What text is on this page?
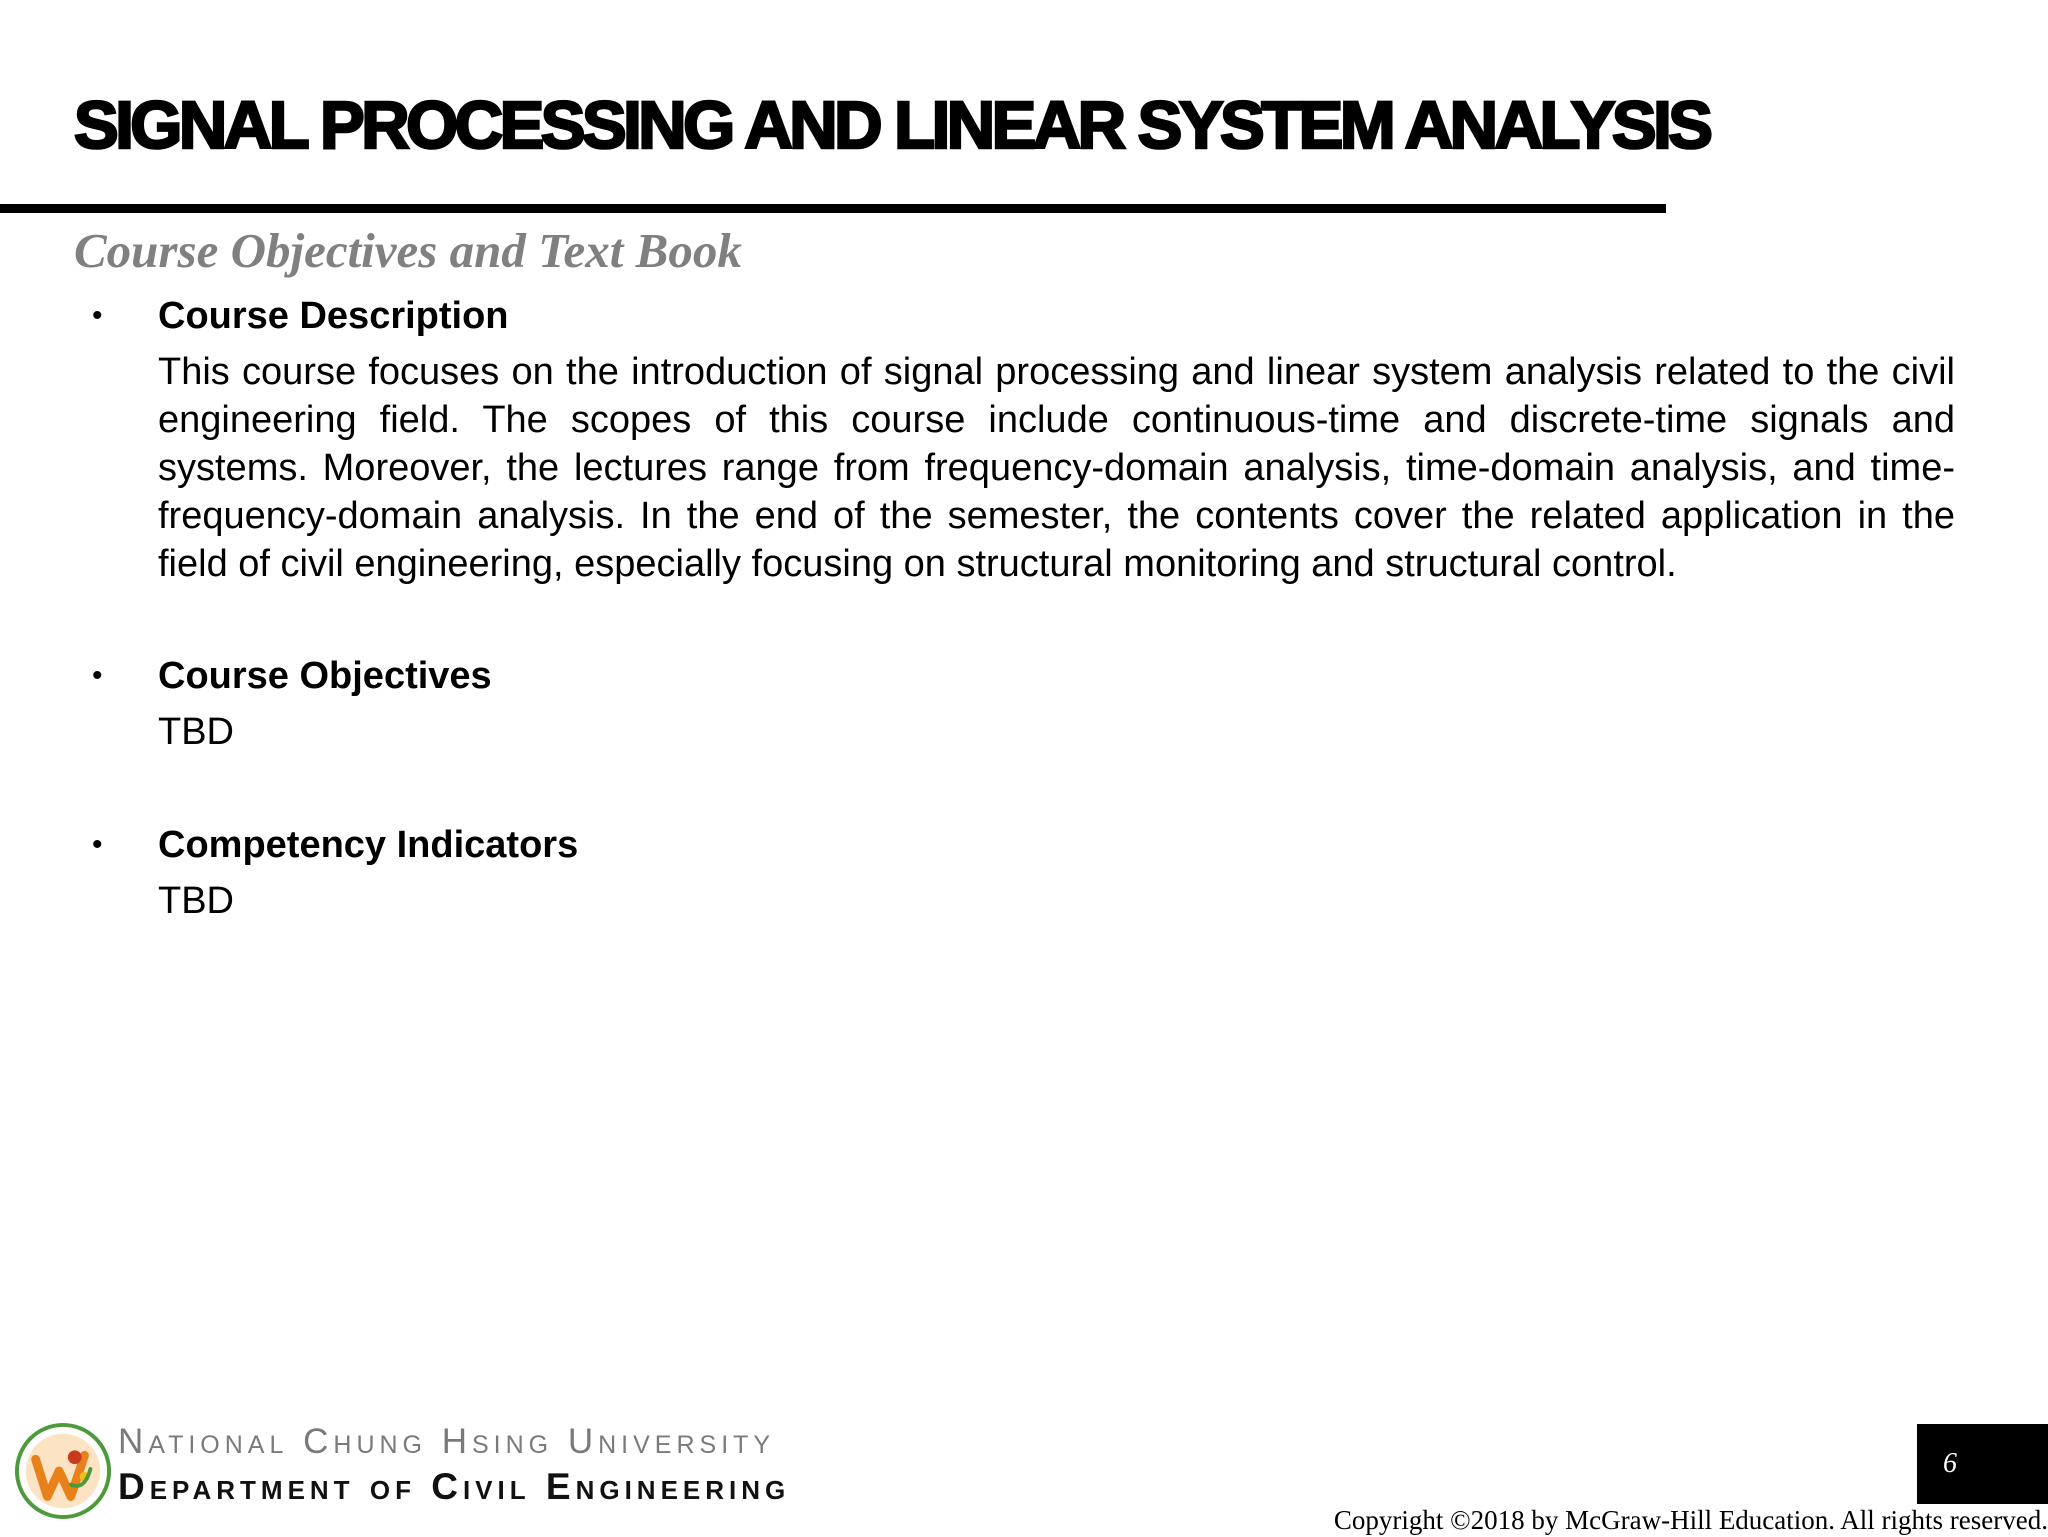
SIGNAL PROCESSING AND LINEAR SYSTEM ANALYSIS
Course Objectives and Text Book
• Course Description
This course focuses on the introduction of signal processing and linear system analysis related to the civil engineering field. The scopes of this course include continuous-time and discrete-time signals and systems. Moreover, the lectures range from frequency-domain analysis, time-domain analysis, and time-frequency-domain analysis. In the end of the semester, the contents cover the related application in the field of civil engineering, especially focusing on structural monitoring and structural control.
• Course Objectives
TBD
• Competency Indicators
TBD
National Chung Hsing University
Department of Civil Engineering
6
Copyright ©2018 by McGraw-Hill Education. All rights reserved.
